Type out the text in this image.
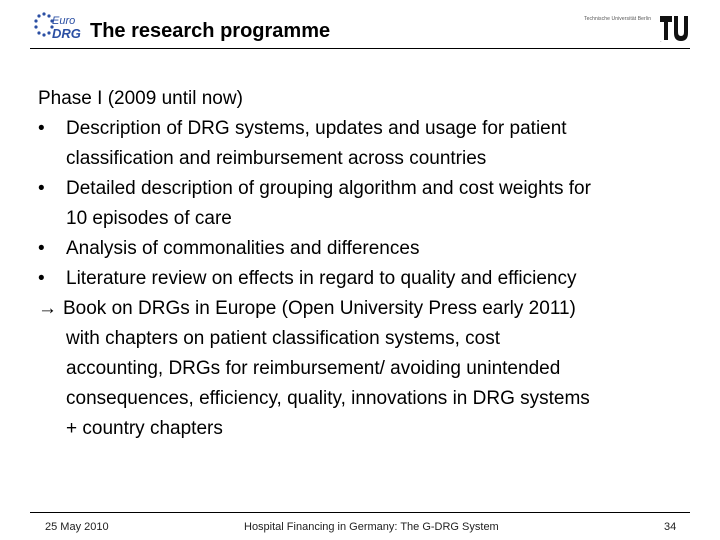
Euro
DRG The research programme
Technische Universität Berlin
TU
Phase I (2009 until now)
• Description of DRG systems, updates and usage for patient
classification and reimbursement across countries
• Detailed description of grouping algorithm and cost weights for
10 episodes of care
• Analysis of commonalities and differences
• Literature review on effects in regard to quality and efficiency
→ Book on DRGs in Europe (Open University Press early 2011)
with chapters on patient classification systems, cost
accounting, DRGs for reimbursement/ avoiding unintended
consequences, efficiency, quality, innovations in DRG systems
+ country chapters
25 May 2010	Hospital Financing in Germany: The G-DRG System	34
